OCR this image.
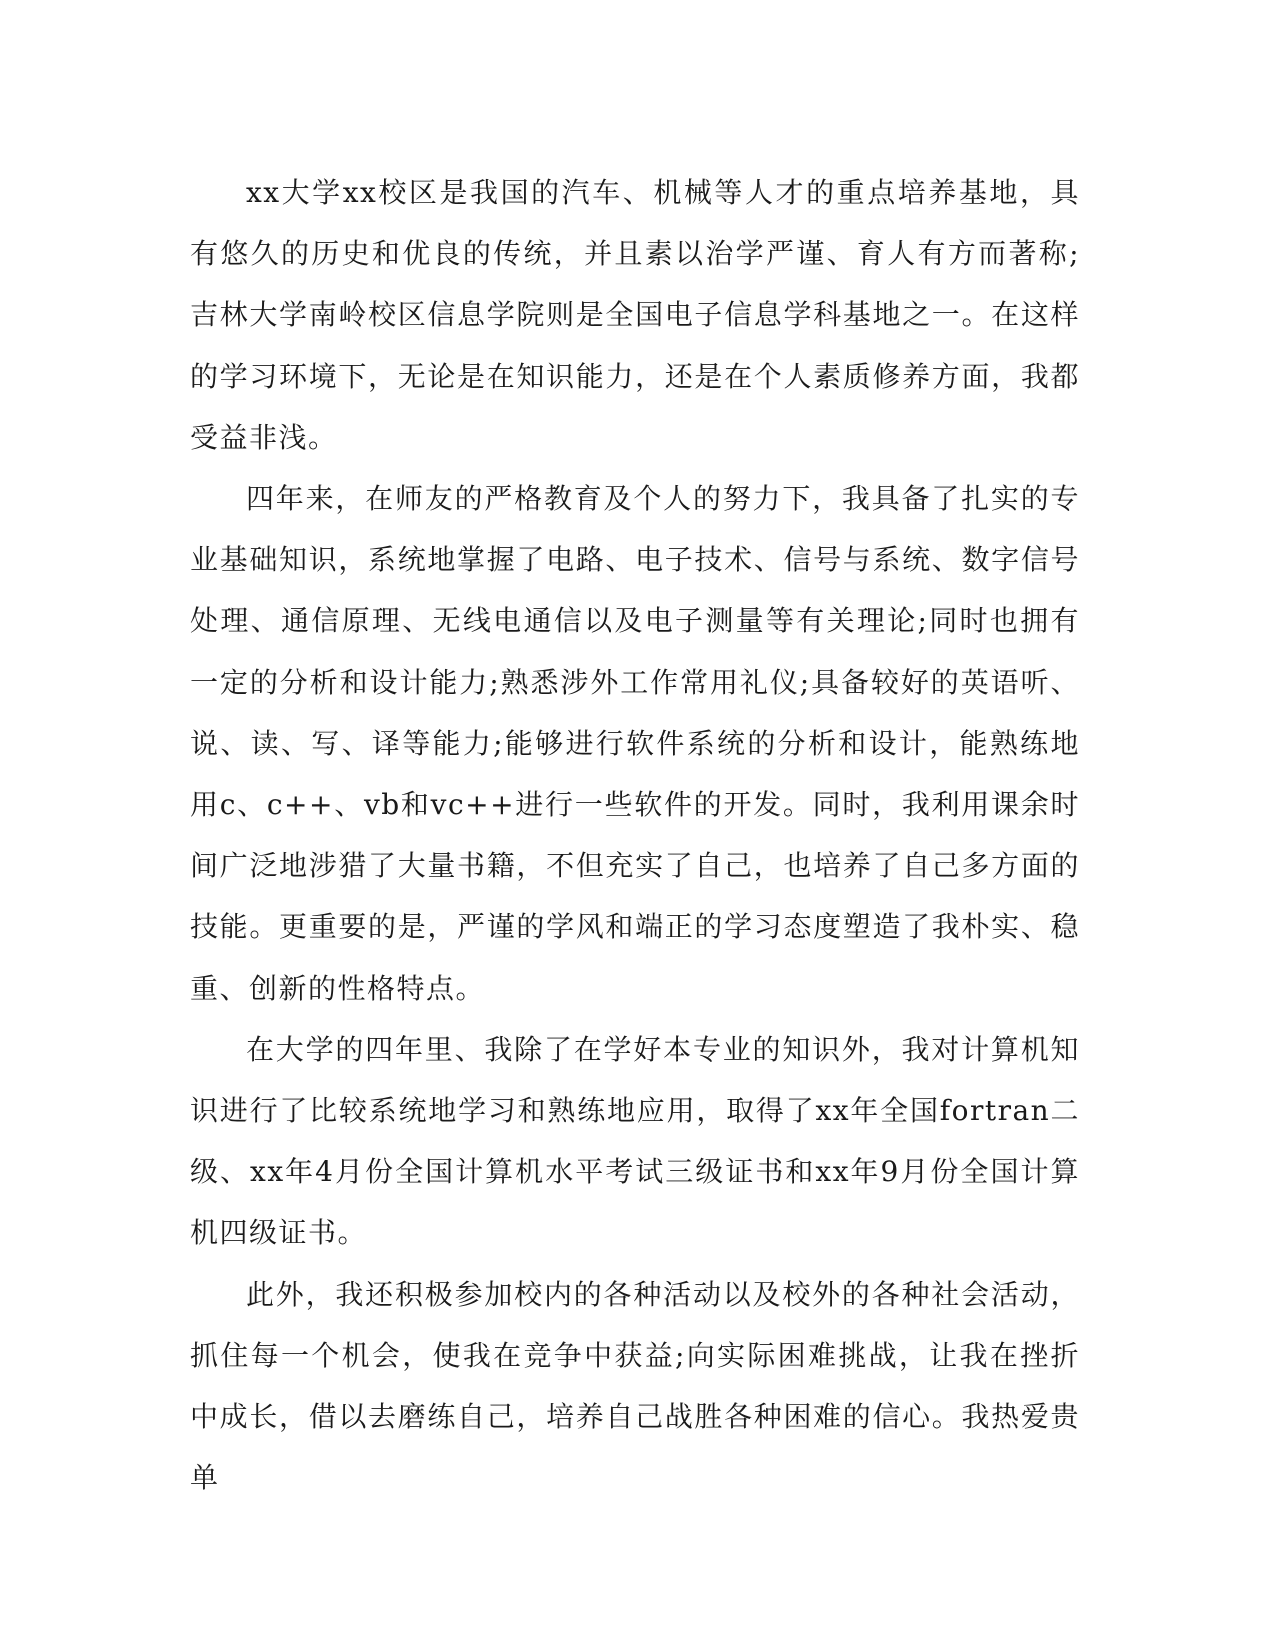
xx大学xx校区是我国的汽车、机械等人才的重点培养基地，具有悠久的历史和优良的传统，并且素以治学严谨、育人有方而著称;吉林大学南岭校区信息学院则是全国电子信息学科基地之一。在这样的学习环境下，无论是在知识能力，还是在个人素质修养方面，我都受益非浅。

四年来，在师友的严格教育及个人的努力下，我具备了扎实的专业基础知识，系统地掌握了电路、电子技术、信号与系统、数字信号处理、通信原理、无线电通信以及电子测量等有关理论;同时也拥有一定的分析和设计能力;熟悉涉外工作常用礼仪;具备较好的英语听、说、读、写、译等能力;能够进行软件系统的分析和设计，能熟练地用c、c++、vb和vc++进行一些软件的开发。同时，我利用课余时间广泛地涉猎了大量书籍，不但充实了自己，也培养了自己多方面的技能。更重要的是，严谨的学风和端正的学习态度塑造了我朴实、稳重、创新的性格特点。

在大学的四年里、我除了在学好本专业的知识外，我对计算机知识进行了比较系统地学习和熟练地应用，取得了xx年全国fortran二级、xx年4月份全国计算机水平考试三级证书和xx年9月份全国计算机四级证书。

此外，我还积极参加校内的各种活动以及校外的各种社会活动，抓住每一个机会，使我在竞争中获益;向实际困难挑战，让我在挫折中成长，借以去磨练自己，培养自己战胜各种困难的信心。我热爱贵单
